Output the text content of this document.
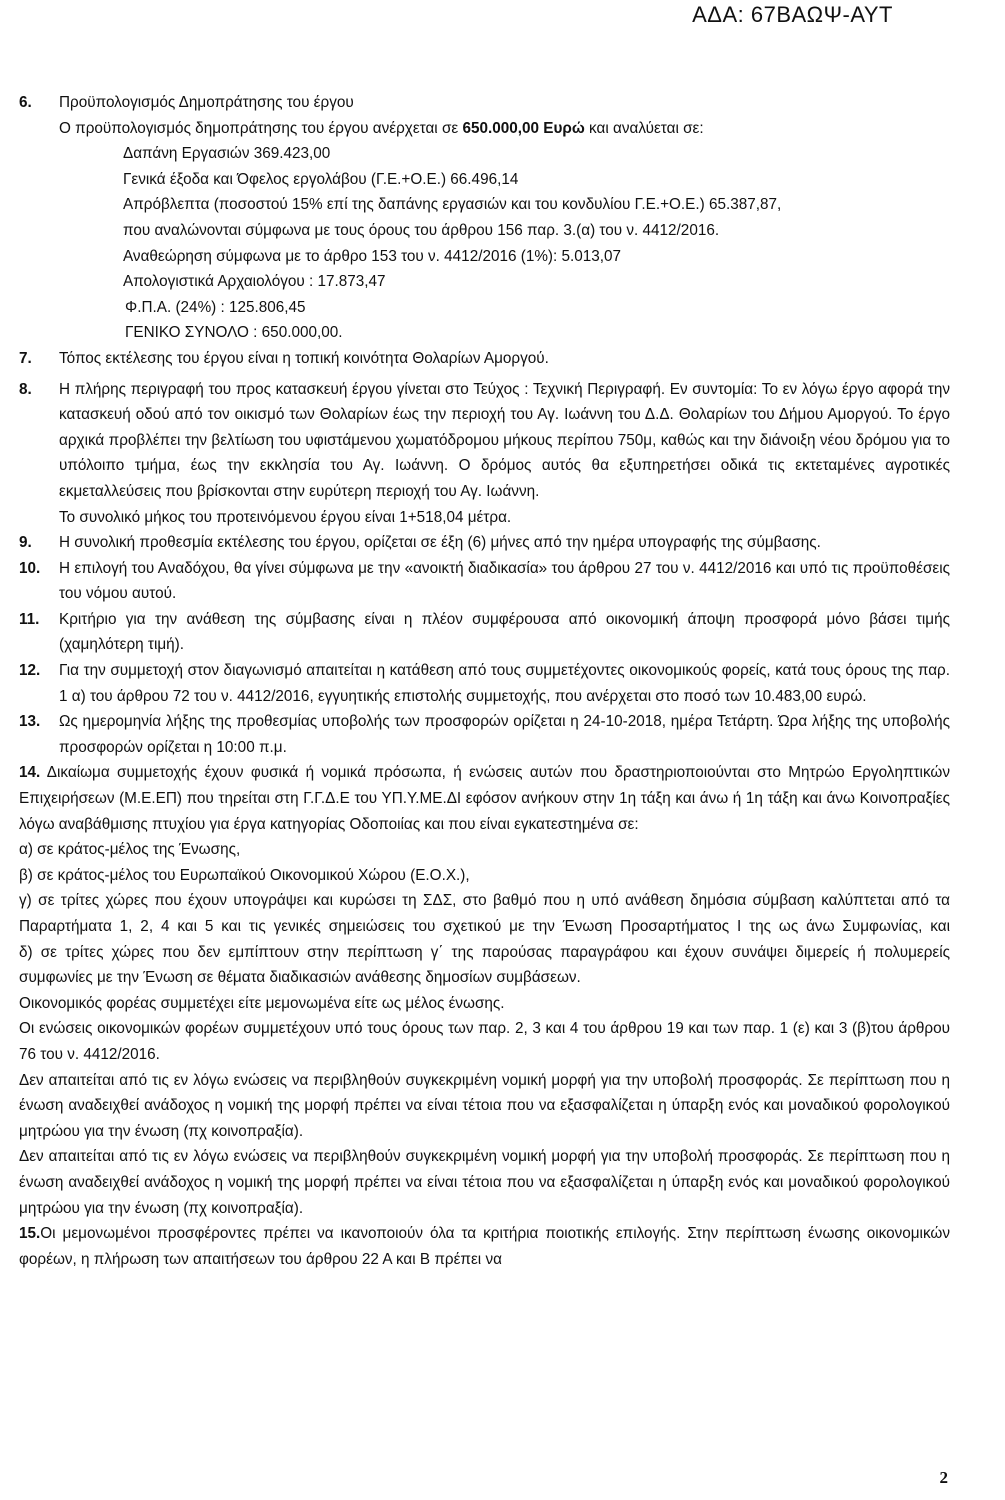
ΑΔΑ: 67ΒΑΩΨ-ΑΥΤ
6.	Προϋπολογισμός Δημοπράτησης του έργου
Ο προϋπολογισμός δημοπράτησης του έργου ανέρχεται σε 650.000,00 Ευρώ και αναλύεται σε:
Δαπάνη Εργασιών 369.423,00
Γενικά έξοδα και Όφελος εργολάβου (Γ.Ε.+Ο.Ε.) 66.496,14
Απρόβλεπτα (ποσοστού 15% επί της δαπάνης εργασιών και του κονδυλίου Γ.Ε.+Ο.Ε.) 65.387,87,
που αναλώνονται σύμφωνα με τους όρους του άρθρου 156 παρ. 3.(α) του ν. 4412/2016.
Αναθεώρηση σύμφωνα με το άρθρο 153 του ν. 4412/2016 (1%): 5.013,07
Απολογιστικά Αρχαιολόγου : 17.873,47
Φ.Π.Α. (24%) : 125.806,45
ΓΕΝΙΚΟ ΣΥΝΟΛΟ : 650.000,00.
7.	Τόπος εκτέλεσης του έργου είναι η τοπική κοινότητα Θολαρίων Αμοργού.
8.	Η πλήρης περιγραφή του προς κατασκευή έργου γίνεται στο Τεύχος : Τεχνική Περιγραφή. Εν συντομία: Το εν λόγω έργο αφορά την κατασκευή οδού από τον οικισμό των Θολαρίων έως την περιοχή του Αγ. Ιωάννη του Δ.Δ. Θολαρίων του Δήμου Αμοργού. Το έργο αρχικά προβλέπει την βελτίωση του υφιστάμενου χωματόδρομου μήκους περίπου 750μ, καθώς και την διάνοιξη νέου δρόμου για το υπόλοιπο τμήμα, έως την εκκλησία του Αγ. Ιωάννη. Ο δρόμος αυτός θα εξυπηρετήσει οδικά τις εκτεταμένες αγροτικές εκμεταλλεύσεις που βρίσκονται στην ευρύτερη περιοχή του Αγ. Ιωάννη.
Το συνολικό μήκος του προτεινόμενου έργου είναι 1+518,04 μέτρα.
9.	Η συνολική προθεσμία εκτέλεσης του έργου, ορίζεται σε έξη (6) μήνες από την ημέρα υπογραφής της σύμβασης.
10.	Η επιλογή του Αναδόχου, θα γίνει σύμφωνα με την «ανοικτή διαδικασία» του άρθρου 27 του ν. 4412/2016 και υπό τις προϋποθέσεις του νόμου αυτού.
11.	Κριτήριο για την ανάθεση της σύμβασης είναι η πλέον συμφέρουσα από οικονομική άποψη προσφορά μόνο βάσει τιμής (χαμηλότερη τιμή).
12.	Για την συμμετοχή στον διαγωνισμό απαιτείται η κατάθεση από τους συμμετέχοντες οικονομικούς φορείς, κατά τους όρους της παρ. 1 α) του άρθρου 72 του ν. 4412/2016, εγγυητικής επιστολής συμμετοχής, που ανέρχεται στο ποσό των 10.483,00 ευρώ.
13.	Ως ημερομηνία λήξης της προθεσμίας υποβολής των προσφορών ορίζεται η 24-10-2018, ημέρα Τετάρτη. Ώρα λήξης της υποβολής προσφορών ορίζεται η 10:00 π.μ.
14. Δικαίωμα συμμετοχής έχουν φυσικά ή νομικά πρόσωπα, ή ενώσεις αυτών που δραστηριοποιούνται στο Μητρώο Εργοληπτικών Επιχειρήσεων (Μ.Ε.ΕΠ) που τηρείται στη Γ.Γ.Δ.Ε του ΥΠ.Υ.ΜΕ.ΔΙ εφόσον ανήκουν στην 1η τάξη και άνω ή 1η τάξη και άνω Κοινοπραξίες λόγω αναβάθμισης πτυχίου για έργα κατηγορίας Οδοποιίας και που είναι εγκατεστημένα σε:
α) σε κράτος-μέλος της Ένωσης,
β) σε κράτος-μέλος του Ευρωπαϊκού Οικονομικού Χώρου (Ε.Ο.Χ.),
γ) σε τρίτες χώρες που έχουν υπογράψει και κυρώσει τη ΣΔΣ, στο βαθμό που η υπό ανάθεση δημόσια σύμβαση καλύπτεται από τα Παραρτήματα 1, 2, 4 και 5 και τις γενικές σημειώσεις του σχετικού με την Ένωση Προσαρτήματος Ι της ως άνω Συμφωνίας, και
δ) σε τρίτες χώρες που δεν εμπίπτουν στην περίπτωση γ΄ της παρούσας παραγράφου και έχουν συνάψει διμερείς ή πολυμερείς συμφωνίες με την Ένωση σε θέματα διαδικασιών ανάθεσης δημοσίων συμβάσεων.
Οικονομικός φορέας συμμετέχει είτε μεμονωμένα είτε ως μέλος ένωσης.
Οι ενώσεις οικονομικών φορέων συμμετέχουν υπό τους όρους των παρ. 2, 3 και 4 του άρθρου 19 και των παρ. 1 (ε) και 3 (β)του άρθρου 76 του ν. 4412/2016.
Δεν απαιτείται από τις εν λόγω ενώσεις να περιβληθούν συγκεκριμένη νομική μορφή για την υποβολή προσφοράς. Σε περίπτωση που η ένωση αναδειχθεί ανάδοχος η νομική της μορφή πρέπει να είναι τέτοια που να εξασφαλίζεται η ύπαρξη ενός και μοναδικού φορολογικού μητρώου για την ένωση (πχ κοινοπραξία).
Δεν απαιτείται από τις εν λόγω ενώσεις να περιβληθούν συγκεκριμένη νομική μορφή για την υποβολή προσφοράς. Σε περίπτωση που η ένωση αναδειχθεί ανάδοχος η νομική της μορφή πρέπει να είναι τέτοια που να εξασφαλίζεται η ύπαρξη ενός και μοναδικού φορολογικού μητρώου για την ένωση (πχ κοινοπραξία).
15.Οι μεμονωμένοι προσφέροντες πρέπει να ικανοποιούν όλα τα κριτήρια ποιοτικής επιλογής. Στην περίπτωση ένωσης οικονομικών φορέων, η πλήρωση των απαιτήσεων του άρθρου 22 Α και Β πρέπει να
2
